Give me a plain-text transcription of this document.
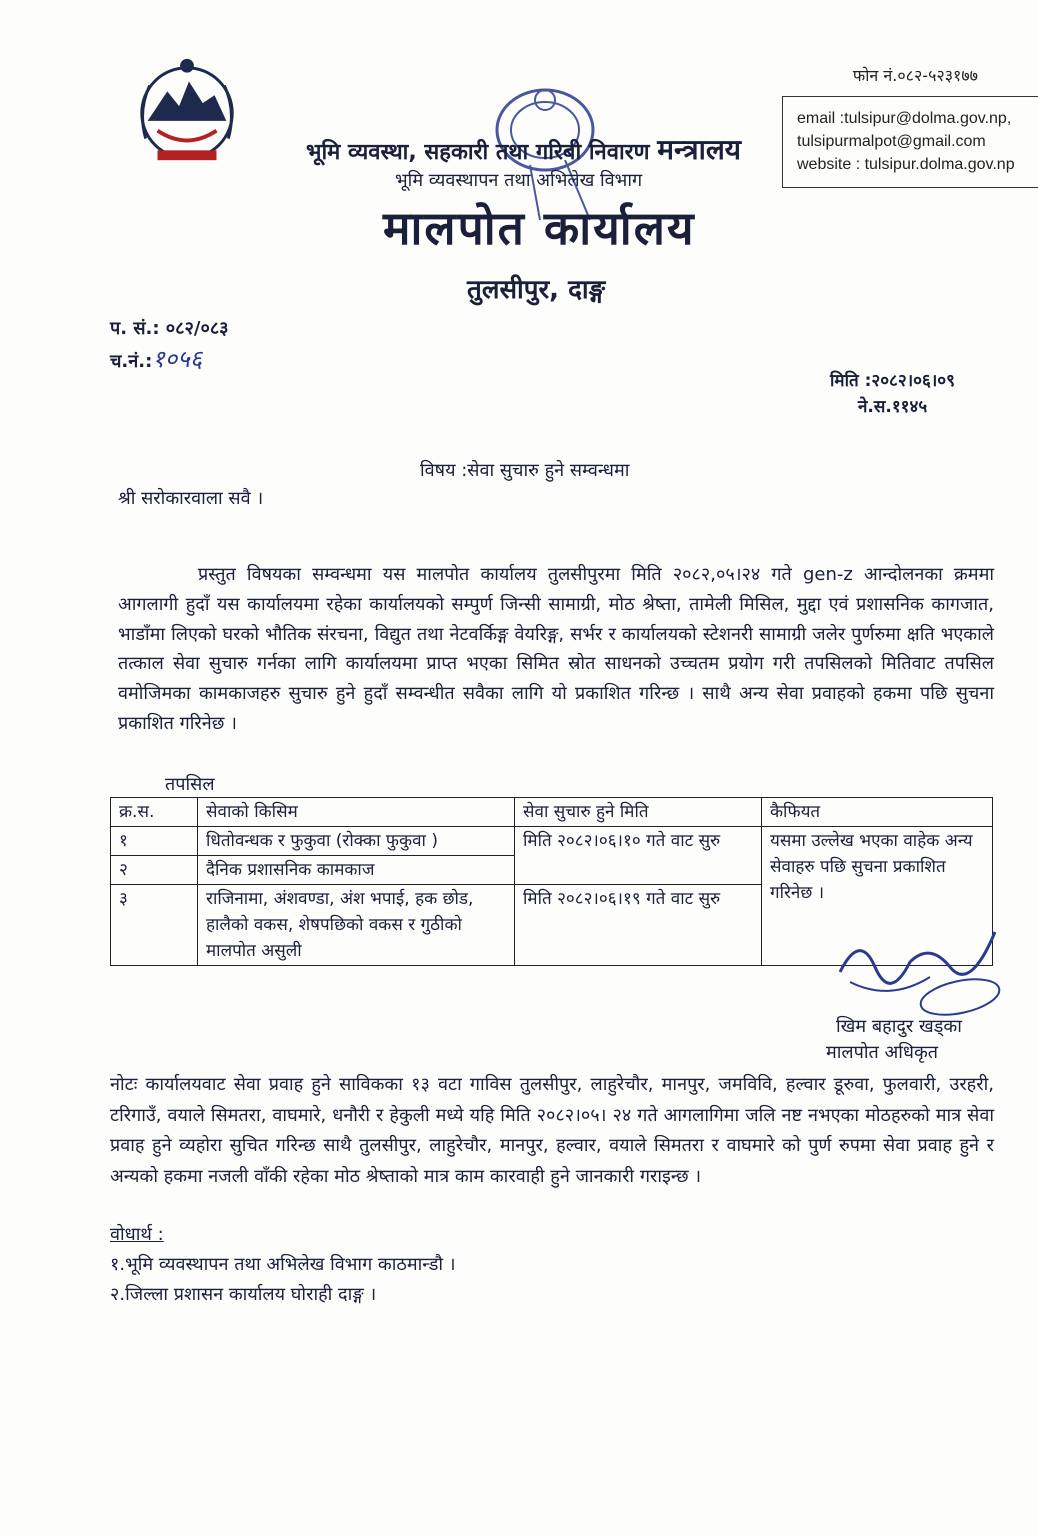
फोन नं.०८२-५२३१७७
email :tulsipur@dolma.gov.np,
tulsipurmalpot@gmail.com
website : tulsipur.dolma.gov.np
भूमि व्यवस्था, सहकारी तथा गरिबी निवारण मन्त्रालय
भूमि व्यवस्थापन तथा अभिलेख विभाग
मालपोत कार्यालय
तुलसीपुर, दाङ्ग
प. सं.: ०८२/०८३
च.नं.:१०५६
मिति :२०८२।०६।०९
ने.स.११४५
विषय :सेवा सुचारु हुने सम्वन्धमा
श्री सरोकारवाला सवै ।
प्रस्तुत विषयका सम्वन्धमा यस मालपोत कार्यालय तुलसीपुरमा मिति २०८२,०५।२४ गते gen-z आन्दोलनका क्रममा आगलागी हुदाँ यस कार्यालयमा रहेका कार्यालयको सम्पुर्ण जिन्सी सामाग्री, मोठ श्रेष्ता, तामेली मिसिल, मुद्दा एवं प्रशासनिक कागजात, भाडाँमा लिएको घरको भौतिक संरचना, विद्युत तथा नेटवर्किङ्ग वेयरिङ्ग, सर्भर र कार्यालयको स्टेशनरी सामाग्री जलेर पुर्णरुमा क्षति भएकाले तत्काल सेवा सुचारु गर्नका लागि कार्यालयमा प्राप्त भएका सिमित स्रोत साधनको उच्चतम प्रयोग गरी तपसिलको मितिवाट तपसिल वमोजिमका कामकाजहरु सुचारु हुने हुदाँ सम्वन्धीत सवैका लागि यो प्रकाशित गरिन्छ । साथै अन्य सेवा प्रवाहको हकमा पछि सुचना प्रकाशित गरिनेछ ।
तपसिल
क्र.स.	सेवाको किसिम	सेवा सुचारु हुने मिति	कैफियत
१	धितोवन्धक र फुकुवा (रोक्का फुकुवा )	मिति २०८२।०६।१० गते वाट सुरु	यसमा उल्लेख भएका वाहेक अन्य सेवाहरु पछि सुचना प्रकाशित गरिनेछ ।
२	दैनिक प्रशासनिक कामकाज		
३	राजिनामा, अंशवण्डा, अंश भपाई, हक छोड, हालैको वकस, शेषपछिको वकस र गुठीको मालपोत असुली	मिति २०८२।०६।१९ गते वाट सुरु	
खिम बहादुर खड्का
मालपोत अधिकृत
नोटः कार्यालयवाट सेवा प्रवाह हुने साविकका १३ वटा गाविस तुलसीपुर, लाहुरेचौर, मानपुर, जमविवि, हल्वार डूरुवा, फुलवारी, उरहरी, टरिगाउँ, वयाले सिमतरा, वाघमारे, धनौरी र हेकुली मध्ये यहि मिति २०८२।०५। २४ गते आगलागिमा जलि नष्ट नभएका मोठहरुको मात्र सेवा प्रवाह हुने व्यहोरा सुचित गरिन्छ साथै तुलसीपुर, लाहुरेचौर, मानपुर, हल्वार, वयाले सिमतरा र वाघमारे को पुर्ण रुपमा सेवा प्रवाह हुने र अन्यको हकमा नजली वाँकी रहेका मोठ श्रेष्ताको मात्र काम कारवाही हुने जानकारी गराइन्छ ।
वोधार्थ :
१.भूमि व्यवस्थापन तथा अभिलेख विभाग काठमान्डौ ।
२.जिल्ला प्रशासन कार्यालय घोराही दाङ्ग ।
